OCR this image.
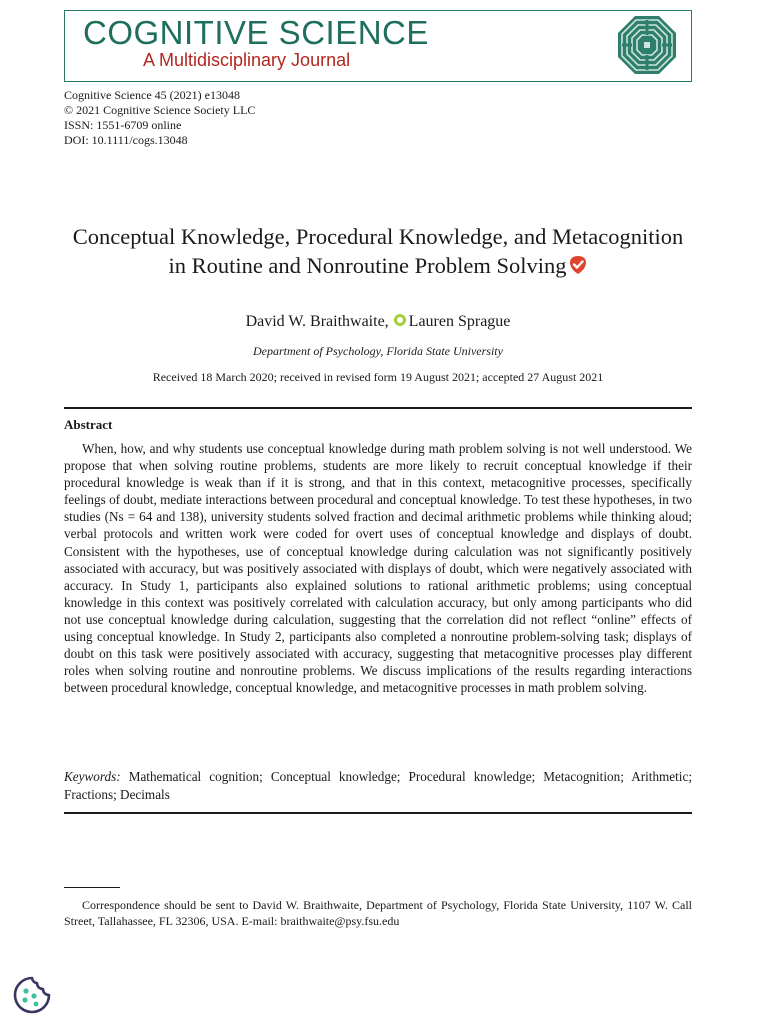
COGNITIVE SCIENCE
A Multidisciplinary Journal
Cognitive Science 45 (2021) e13048
© 2021 Cognitive Science Society LLC
ISSN: 1551-6709 online
DOI: 10.1111/cogs.13048
Conceptual Knowledge, Procedural Knowledge, and Metacognition in Routine and Nonroutine Problem Solving
David W. Braithwaite, Lauren Sprague
Department of Psychology, Florida State University
Received 18 March 2020; received in revised form 19 August 2021; accepted 27 August 2021
Abstract

When, how, and why students use conceptual knowledge during math problem solving is not well understood. We propose that when solving routine problems, students are more likely to recruit conceptual knowledge if their procedural knowledge is weak than if it is strong, and that in this context, metacognitive processes, specifically feelings of doubt, mediate interactions between procedural and conceptual knowledge. To test these hypotheses, in two studies (Ns = 64 and 138), university students solved fraction and decimal arithmetic problems while thinking aloud; verbal protocols and written work were coded for overt uses of conceptual knowledge and displays of doubt. Consistent with the hypotheses, use of conceptual knowledge during calculation was not significantly positively associated with accuracy, but was positively associated with displays of doubt, which were negatively associated with accuracy. In Study 1, participants also explained solutions to rational arithmetic problems; using conceptual knowledge in this context was positively correlated with calculation accuracy, but only among participants who did not use conceptual knowledge during calculation, suggesting that the correlation did not reflect “online” effects of using conceptual knowledge. In Study 2, participants also completed a nonroutine problem-solving task; displays of doubt on this task were positively associated with accuracy, suggesting that metacognitive processes play different roles when solving routine and nonroutine problems. We discuss implications of the results regarding interactions between procedural knowledge, conceptual knowledge, and metacognitive processes in math problem solving.

Keywords: Mathematical cognition; Conceptual knowledge; Procedural knowledge; Metacognition; Arithmetic; Fractions; Decimals
Correspondence should be sent to David W. Braithwaite, Department of Psychology, Florida State University, 1107 W. Call Street, Tallahassee, FL 32306, USA. E-mail: braithwaite@psy.fsu.edu
